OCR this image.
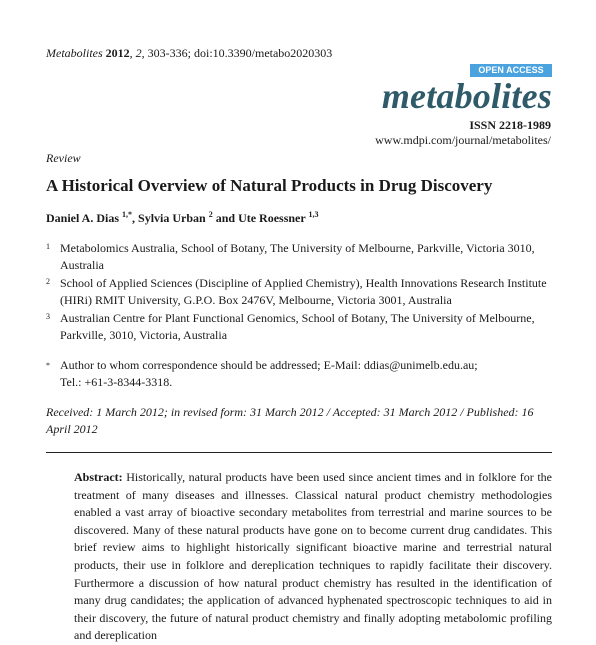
Metabolites 2012, 2, 303-336; doi:10.3390/metabo2020303
OPEN ACCESS
metabolites
ISSN 2218-1989
www.mdpi.com/journal/metabolites/
Review
A Historical Overview of Natural Products in Drug Discovery
Daniel A. Dias $^{1,*}$, Sylvia Urban $^2$ and Ute Roessner $^{1,3}$
1 Metabolomics Australia, School of Botany, The University of Melbourne, Parkville, Victoria 3010, Australia
2 School of Applied Sciences (Discipline of Applied Chemistry), Health Innovations Research Institute (HIRi) RMIT University, G.P.O. Box 2476V, Melbourne, Victoria 3001, Australia
3 Australian Centre for Plant Functional Genomics, School of Botany, The University of Melbourne, Parkville, 3010, Victoria, Australia
* Author to whom correspondence should be addressed; E-Mail: ddias@unimelb.edu.au;
Tel.: +61-3-8344-3318.
Received: 1 March 2012; in revised form: 31 March 2012 / Accepted: 31 March 2012 / Published: 16 April 2012
Abstract: Historically, natural products have been used since ancient times and in folklore for the treatment of many diseases and illnesses. Classical natural product chemistry methodologies enabled a vast array of bioactive secondary metabolites from terrestrial and marine sources to be discovered. Many of these natural products have gone on to become current drug candidates. This brief review aims to highlight historically significant bioactive marine and terrestrial natural products, their use in folklore and dereplication techniques to rapidly facilitate their discovery. Furthermore a discussion of how natural product chemistry has resulted in the identification of many drug candidates; the application of advanced hyphenated spectroscopic techniques to aid in their discovery, the future of natural product chemistry and finally adopting metabolomic profiling and dereplication
